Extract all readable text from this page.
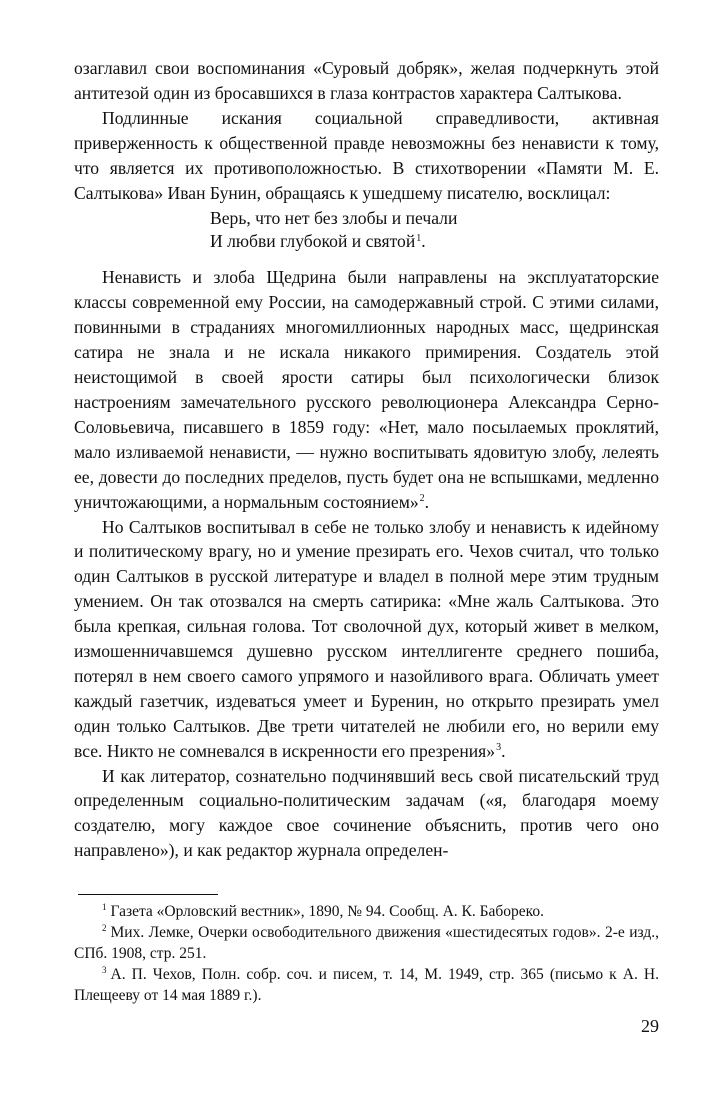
озаглавил свои воспоминания «Суровый добряк», желая подчеркнуть этой антитезой один из бросавшихся в глаза контрастов характера Салтыкова.

Подлинные искания социальной справедливости, активная приверженность к общественной правде невозможны без ненависти к тому, что является их противоположностью. В стихотворении «Памяти М. Е. Салтыкова» Иван Бунин, обращаясь к ушедшему писателю, восклицал:

Верь, что нет без злобы и печали
И любви глубокой и святой$^1$.

Ненависть и злоба Щедрина были направлены на эксплуататорские классы современной ему России, на самодержавный строй. С этими силами, повинными в страданиях многомиллионных народных масс, щедринская сатира не знала и не искала никакого примирения. Создатель этой неистощимой в своей ярости сатиры был психологически близок настроениям замечательного русского революционера Александра Серно-Соловьевича, писавшего в 1859 году: «Нет, мало посылаемых проклятий, мало изливаемой ненависти, — нужно воспитывать ядовитую злобу, лелеять ее, довести до последних пределов, пусть будет она не вспышками, медленно уничтожающими, а нормальным состоянием»$^2$.

Но Салтыков воспитывал в себе не только злобу и ненависть к идейному и политическому врагу, но и умение презирать его. Чехов считал, что только один Салтыков в русской литературе и владел в полной мере этим трудным умением. Он так отозвался на смерть сатирика: «Мне жаль Салтыкова. Это была крепкая, сильная голова. Тот сволочной дух, который живет в мелком, измошенничавшемся душевно русском интеллигенте среднего пошиба, потерял в нем своего самого упрямого и назойливого врага. Обличать умеет каждый газетчик, издеваться умеет и Буренин, но открыто презирать умел один только Салтыков. Две трети читателей не любили его, но верили ему все. Никто не сомневался в искренности его презрения»$^3$.

И как литератор, сознательно подчинявший весь свой писательский труд определенным социально-политическим задачам («я, благодаря моему создателю, могу каждое свое сочинение объяснить, против чего оно направлено»), и как редактор журнала определен-

$^1$ Газета «Орловский вестник», 1890, № 94. Сообщ. А. К. Бабореко.

$^2$ Мих. Лемке, Очерки освободительного движения «шестидесятых годов». 2-е изд., СПб. 1908, стр. 251.

$^3$ А. П. Чехов, Полн. собр. соч. и писем, т. 14, М. 1949, стр. 365 (письмо к А. Н. Плещееву от 14 мая 1889 г.).

29
